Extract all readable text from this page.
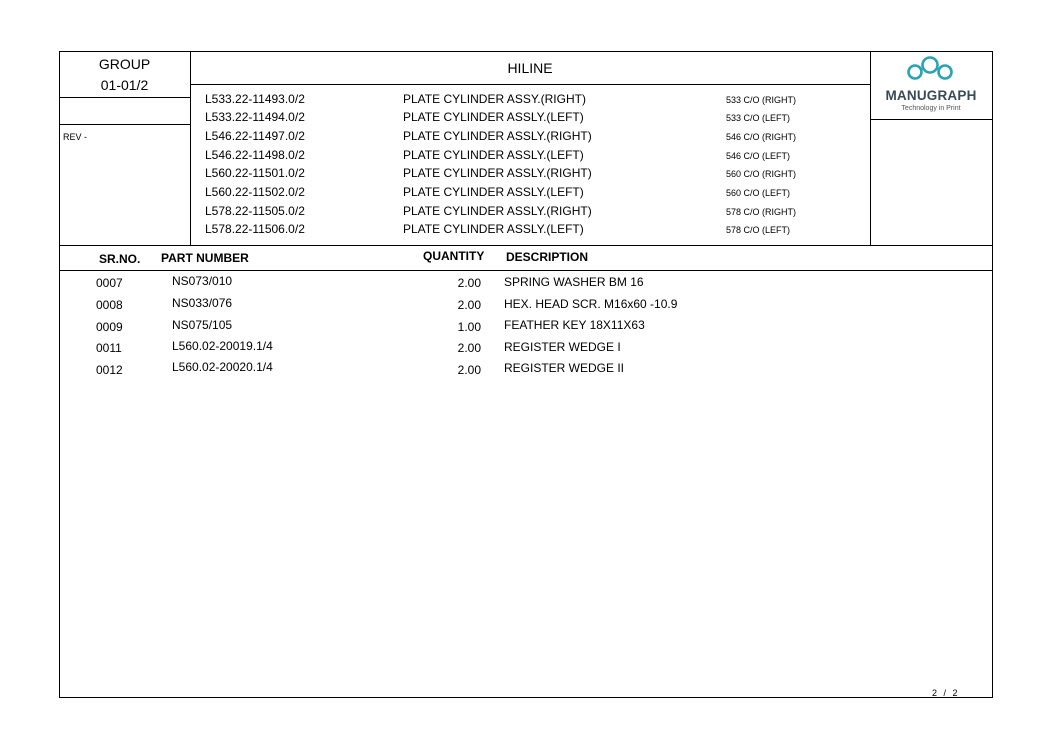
GROUP
01-01/2
REV -
HILINE
L533.22-11493.0/2	PLATE CYLINDER ASSY.(RIGHT)	533 C/O (RIGHT)
L533.22-11494.0/2	PLATE CYLINDER ASSLY.(LEFT)	533 C/O (LEFT)
L546.22-11497.0/2	PLATE CYLINDER ASSLY.(RIGHT)	546 C/O (RIGHT)
L546.22-11498.0/2	PLATE CYLINDER ASSLY.(LEFT)	546 C/O (LEFT)
L560.22-11501.0/2	PLATE CYLINDER ASSLY.(RIGHT)	560 C/O (RIGHT)
L560.22-11502.0/2	PLATE CYLINDER ASSLY.(LEFT)	560 C/O (LEFT)
L578.22-11505.0/2	PLATE CYLINDER ASSLY.(RIGHT)	578 C/O (RIGHT)
L578.22-11506.0/2	PLATE CYLINDER ASSLY.(LEFT)	578 C/O (LEFT)
MANUGRAPH
Technology in Print
SR.NO. PART NUMBER	QUANTITY DESCRIPTION
0007	NS073/010	2.00 SPRING WASHER BM 16
0008	NS033/076	2.00 HEX. HEAD SCR. M16x60 -10.9
0009	NS075/105	1.00 FEATHER KEY 18X11X63
0011	L560.02-20019.1/4	2.00 REGISTER WEDGE I
0012	L560.02-20020.1/4	2.00 REGISTER WEDGE II
2  /  2
